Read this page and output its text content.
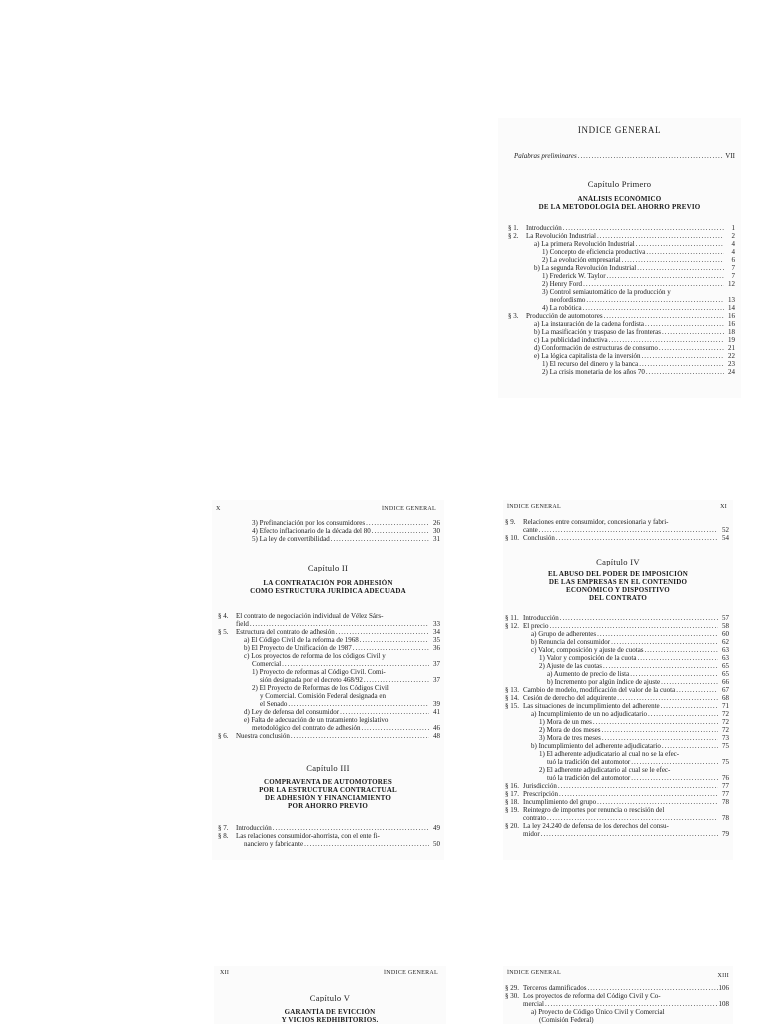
ÍNDICE GENERAL
Palabras preliminares .....	VII
Capítulo Primero
ANÁLISIS ECONÓMICO
DE LA METODOLOGÍA DEL AHORRO PREVIO
§ 1.	Introducción .....	1
§ 2.	La Revolución Industrial .....	2
a) La primera Revolución Industrial .....	4
1) Concepto de eficiencia productiva .....	4
2) La evolución empresarial .....	6
b) La segunda Revolución Industrial .....	7
1) Frederick W. Taylor .....	7
2) Henry Ford .....	12
3) Control semiautomático de la producción y
neofordismo .....	13
4) La robótica .....	14
§ 3.	Producción de automotores .....	16
a) La instauración de la cadena fordista .....	16
b) La masificación y traspaso de las fronteras .....	18
c) La publicidad inductiva .....	19
d) Conformación de estructuras de consumo .....	21
e) La lógica capitalista de la inversión .....	22
1) El recurso del dinero y la banca .....	23
2) La crisis monetaria de los años 70 .....	24
X	ÍNDICE GENERAL
3) Prefinanciación por los consumidores .....	26
4) Efecto inflacionario de la década del 80 .....	30
5) La ley de convertibilidad .....	31
Capítulo II
LA CONTRATACIÓN POR ADHESIÓN
COMO ESTRUCTURA JURÍDICA ADECUADA
§ 4.	El contrato de negociación individual de Vélez Sárs-
field .....	33
§ 5.	Estructura del contrato de adhesión .....	34
a) El Código Civil de la reforma de 1968 .....	35
b) El Proyecto de Unificación de 1987 .....	36
c) Los proyectos de reforma de los códigos Civil y
Comercial .....	37
1) Proyecto de reformas al Código Civil. Comi-
sión designada por el decreto 468/92 .....	37
2) El Proyecto de Reformas de los Códigos Civil
y Comercial. Comisión Federal designada en
el Senado .....	39
d) Ley de defensa del consumidor .....	41
e) Falta de adecuación de un tratamiento legislativo
metodológico del contrato de adhesión .....	46
§ 6.	Nuestra conclusión .....	48
Capítulo III
COMPRAVENTA DE AUTOMOTORES
POR LA ESTRUCTURA CONTRACTUAL
DE ADHESIÓN Y FINANCIAMIENTO
POR AHORRO PREVIO
§ 7.	Introducción .....	49
§ 8.	Las relaciones consumidor-ahorrista, con el ente fi-
nanciero y fabricante .....	50
ÍNDICE GENERAL	XI
§ 9.	Relaciones entre consumidor, concesionaria y fabri-
cante .....	52
§ 10. Conclusión .....	54
Capítulo IV
EL ABUSO DEL PODER DE IMPOSICIÓN
DE LAS EMPRESAS EN EL CONTENIDO
ECONÓMICO Y DISPOSITIVO
DEL CONTRATO
§ 11. Introducción .....	57
§ 12. El precio .....	58
a) Grupo de adherentes .....	60
b) Renuncia del consumidor .....	62
c) Valor, composición y ajuste de cuotas .....	63
1) Valor y composición de la cuota .....	63
2) Ajuste de las cuotas .....	65
a) Aumento de precio de lista .....	65
b) Incremento por algún índice de ajuste .....	66
§ 13. Cambio de modelo, modificación del valor de la cuota .....	67
§ 14. Cesión de derecho del adquirente .....	68
§ 15. Las situaciones de incumplimiento del adherente .....	71
a) Incumplimiento de un no adjudicatario .....	72
1) Mora de un mes .....	72
2) Mora de dos meses .....	72
3) Mora de tres meses .....	73
b) Incumplimiento del adherente adjudicatario .....	75
1) El adherente adjudicatario al cual no se la efec-
tuó la tradición del automotor .....	75
2) El adherente adjudicatario al cual se le efec-
tuó la tradición del automotor .....	76
§ 16. Jurisdicción .....	77
§ 17. Prescripción .....	77
§ 18. Incumplimiento del grupo .....	78
§ 19. Reintegro de importes por renuncia o rescisión del
contrato .....	78
§ 20. La ley 24.240 de defensa de los derechos del consu-
midor .....	79
XII	ÍNDICE GENERAL
Capítulo V
GARANTÍA DE EVICCIÓN
Y VICIOS REDHIBITORIOS.
ÍNDICE GENERAL	XIII
§ 29. Terceros damnificados .....	106
§ 30. Los proyectos de reforma del Código Civil y Co-
mercial .....	108
a) Proyecto de Código Único Civil y Comercial
(Comisión Federal)
